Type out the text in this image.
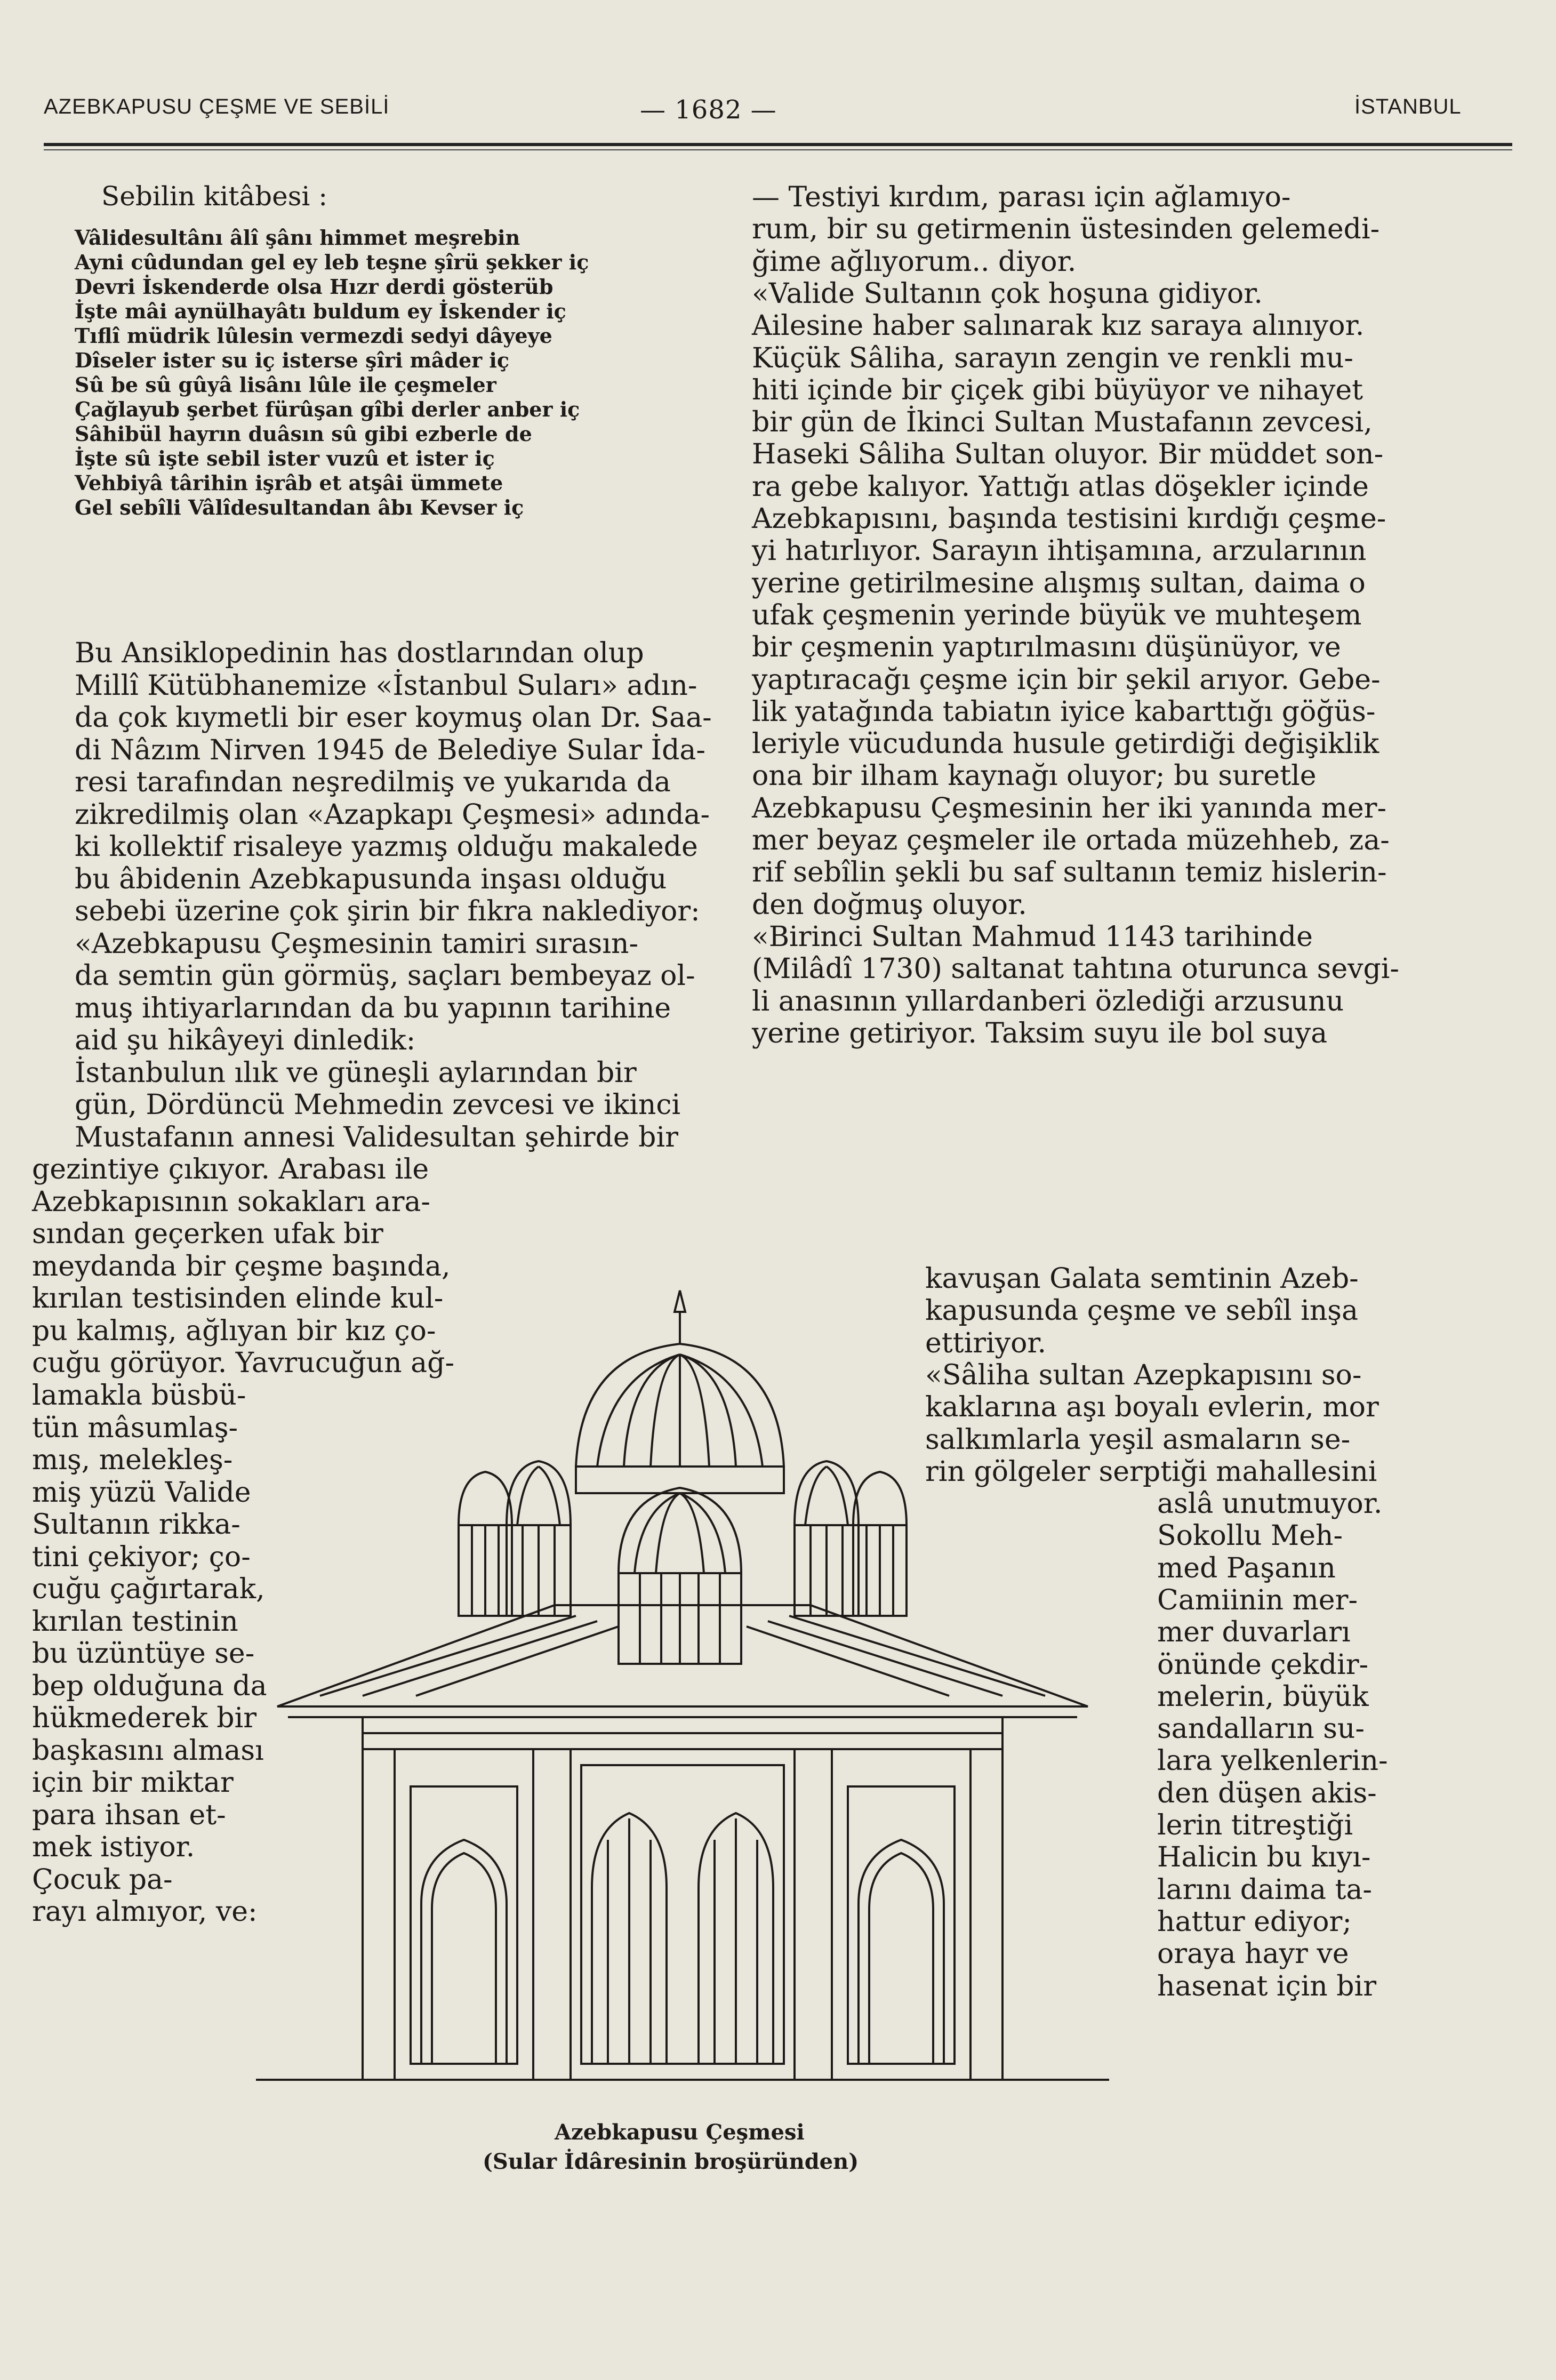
AZEBKAPUSU ÇEŞME VE SEBİLİ	— 1682 —	İSTANBUL
Sebilin kitâbesi :
Vâlidesultânı âlî şânı himmet meşrebin
Ayni cûdundan gel ey leb teşne şîrü şekker iç
Devri İskenderde olsa Hızr derdi gösterüb
İşte mâi aynülhayâtı buldum ey İskender iç
Tıflî müdrik lûlesin vermezdi sedyi dâyeye
Dîseler ister su iç isterse şîri mâder iç
Sû be sû gûyâ lisânı lûle ile çeşmeler
Çağlayub şerbet fürûşan gîbi derler anber iç
Sâhibül hayrın duâsın sû gibi ezberle de
İşte sû işte sebil ister vuzû et ister iç
Vehbiyâ târihin işrâb et atşâi ümmete
Gel sebîli Vâlîdesultandan âbı Kevser iç
Bu Ansiklopedinin has dostlarından olup
Millî Kütübhanemize «İstanbul Suları» adın-
da çok kıymetli bir eser koymuş olan Dr. Saa-
di Nâzım Nirven 1945 de Belediye Sular İda-
resi tarafından neşredilmiş ve yukarıda da
zikredilmiş olan «Azapkapı Çeşmesi» adında-
ki kollektif risaleye yazmış olduğu makalede
bu âbidenin Azebkapusunda inşası olduğu
sebebi üzerine çok şirin bir fıkra naklediyor:
«Azebkapusu Çeşmesinin tamiri sırasın-
da semtin gün görmüş, saçları bembeyaz ol-
muş ihtiyarlarından da bu yapının tarihine
aid şu hikâyeyi dinledik:
İstanbulun ılık ve güneşli aylarından bir
gün, Dördüncü Mehmedin zevcesi ve ikinci
Mustafanın annesi Validesultan şehirde bir
gezintiye çıkıyor. Arabası ile
Azebkapısının sokakları ara-
sından geçerken ufak bir
meydanda bir çeşme başında,
kırılan testisinden elinde kul-
pu kalmış, ağlıyan bir kız ço-
cuğu görüyor. Yavrucuğun ağ-
lamakla büsbü-
tün mâsumlaş-
mış, melekleş-
miş yüzü Valide
Sultanın rikka-
tini çekiyor; ço-
cuğu çağırtarak,
kırılan testinin
bu üzüntüye se-
bep olduğuna da
hükmederek bir
başkasını alması
için bir miktar
para ihsan et-
mek istiyor.
Çocuk pa-
rayı almıyor, ve:
— Testiyi kırdım, parası için ağlamıyo-
rum, bir su getirmenin üstesinden gelemedi-
ğime ağlıyorum.. diyor.
«Valide Sultanın çok hoşuna gidiyor.
Ailesine haber salınarak kız saraya alınıyor.
Küçük Sâliha, sarayın zengin ve renkli mu-
hiti içinde bir çiçek gibi büyüyor ve nihayet
bir gün de İkinci Sultan Mustafanın zevcesi,
Haseki Sâliha Sultan oluyor. Bir müddet son-
ra gebe kalıyor. Yattığı atlas döşekler içinde
Azebkapısını, başında testisini kırdığı çeşme-
yi hatırlıyor. Sarayın ihtişamına, arzularının
yerine getirilmesine alışmış sultan, daima o
ufak çeşmenin yerinde büyük ve muhteşem
bir çeşmenin yaptırılmasını düşünüyor, ve
yaptıracağı çeşme için bir şekil arıyor. Gebe-
lik yatağında tabiatın iyice kabarttığı göğüs-
leriyle vücudunda husule getirdiği değişiklik
ona bir ilham kaynağı oluyor; bu suretle
Azebkapusu Çeşmesinin her iki yanında mer-
mer beyaz çeşmeler ile ortada müzehheb, za-
rif sebîlin şekli bu saf sultanın temiz hislerin-
den doğmuş oluyor.
«Birinci Sultan Mahmud 1143 tarihinde
(Milâdî 1730) saltanat tahtına oturunca sevgi-
li anasının yıllardanberi özlediği arzusunu
yerine getiriyor. Taksim suyu ile bol suya
kavuşan Galata semtinin Azeb-
kapusunda çeşme ve sebîl inşa
ettiriyor.
«Sâliha sultan Azepkapısını so-
kaklarına aşı boyalı evlerin, mor
salkımlarla yeşil asmaların se-
rin gölgeler serptiği mahallesini
aslâ unutmuyor.
Sokollu Meh-
med Paşanın
Camiinin mer-
mer duvarları
önünde çekdir-
melerin, büyük
sandalların su-
lara yelkenlerin-
den düşen akis-
lerin titreştiği
Halicin bu kıyı-
larını daima ta-
hattur ediyor;
oraya hayr ve
hasenat için bir
Azebkapusu Çeşmesi
(Sular İdâresinin broşüründen)
